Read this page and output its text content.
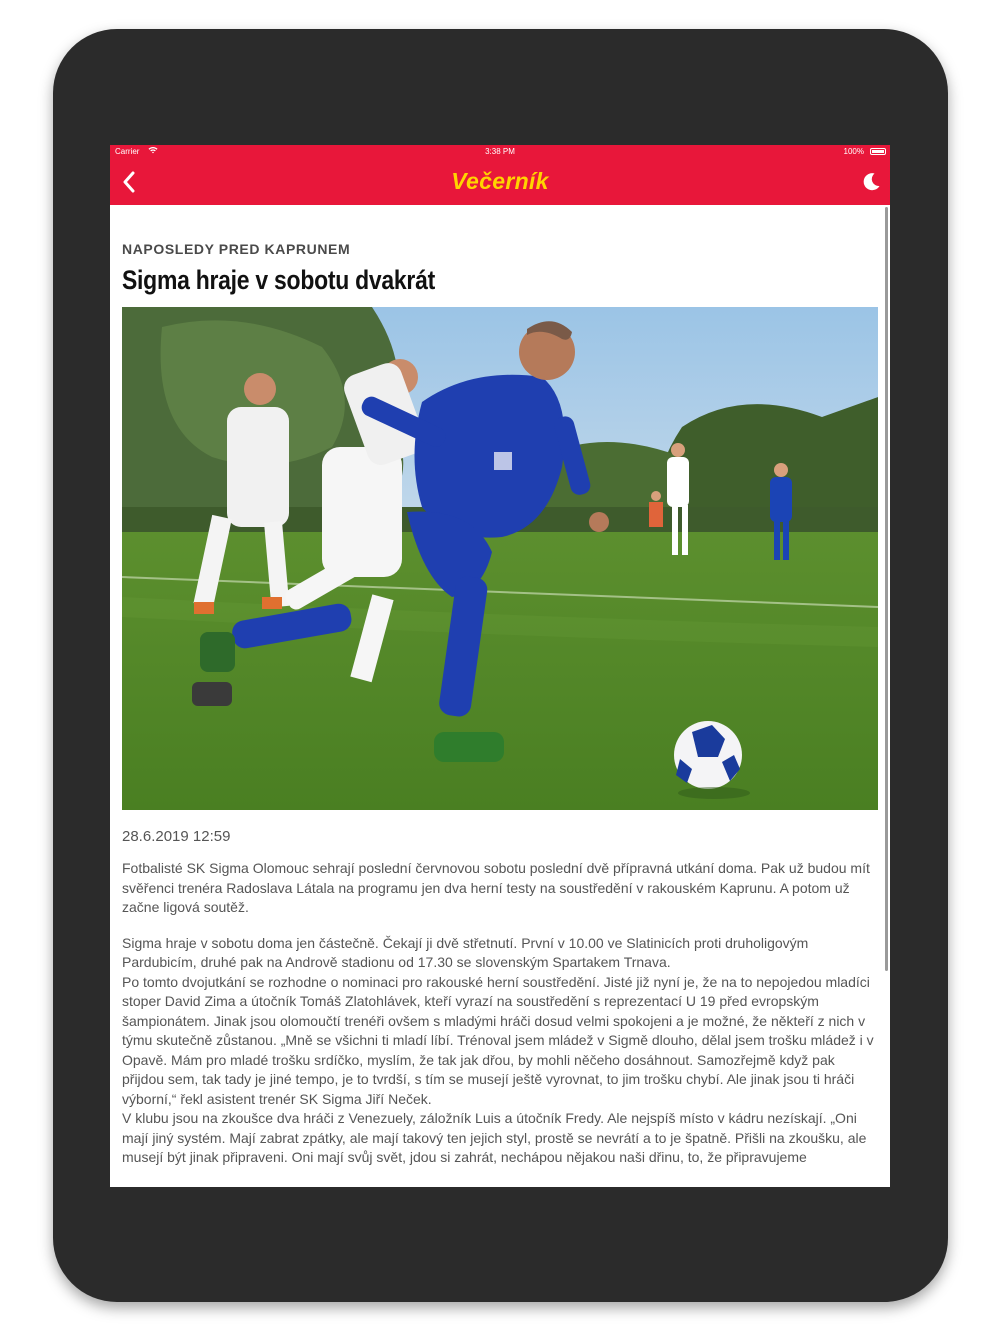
Carrier	3:38 PM	100%
Večerník
NAPOSLEDY PRED KAPRUNEM
Sigma hraje v sobotu dvakrát
28.6.2019 12:59
Fotbalisté SK Sigma Olomouc sehrají poslední červnovou sobotu poslední dvě přípravná utkání doma. Pak už budou mít svěřenci trenéra Radoslava Látala na programu jen dva herní testy na soustředění v rakouském Kaprunu. A potom už začne ligová soutěž.

Sigma hraje v sobotu doma jen částečně. Čekají ji dvě střetnutí. První v 10.00 ve Slatinicích proti druholigovým Pardubicím, druhé pak na Andrově stadionu od 17.30 se slovenským Spartakem Trnava.

Po tomto dvojutkání se rozhodne o nominaci pro rakouské herní soustředění. Jisté již nyní je, že na to nepojedou mladíci stoper David Zima a útočník Tomáš Zlatohlávek, kteří vyrazí na soustředění s reprezentací U 19 před evropským šampionátem. Jinak jsou olomoučtí trenéři ovšem s mladými hráči dosud velmi spokojeni a je možné, že někteří z nich v týmu skutečně zůstanou. „Mně se všichni ti mladí líbí. Trénoval jsem mládež v Sigmě dlouho, dělal jsem trošku mládež i v Opavě. Mám pro mladé trošku srdíčko, myslím, že tak jak dřou, by mohli něčeho dosáhnout. Samozřejmě když pak přijdou sem, tak tady je jiné tempo, je to tvrdší, s tím se musejí ještě vyrovnat, to jim trošku chybí. Ale jinak jsou ti hráči výborní,“ řekl asistent trenér SK Sigma Jiří Neček.

V klubu jsou na zkoušce dva hráči z Venezuely, záložník Luis a útočník Fredy. Ale nejspíš místo v kádru nezískají. „Oni mají jiný systém. Mají zabrat zpátky, ale mají takový ten jejich styl, prostě se nevrátí a to je špatně. Přišli na zkoušku, ale musejí být jinak připraveni. Oni mají svůj svět, jdou si zahrát, nechápou nějakou naši dřinu, to, že připravujeme
